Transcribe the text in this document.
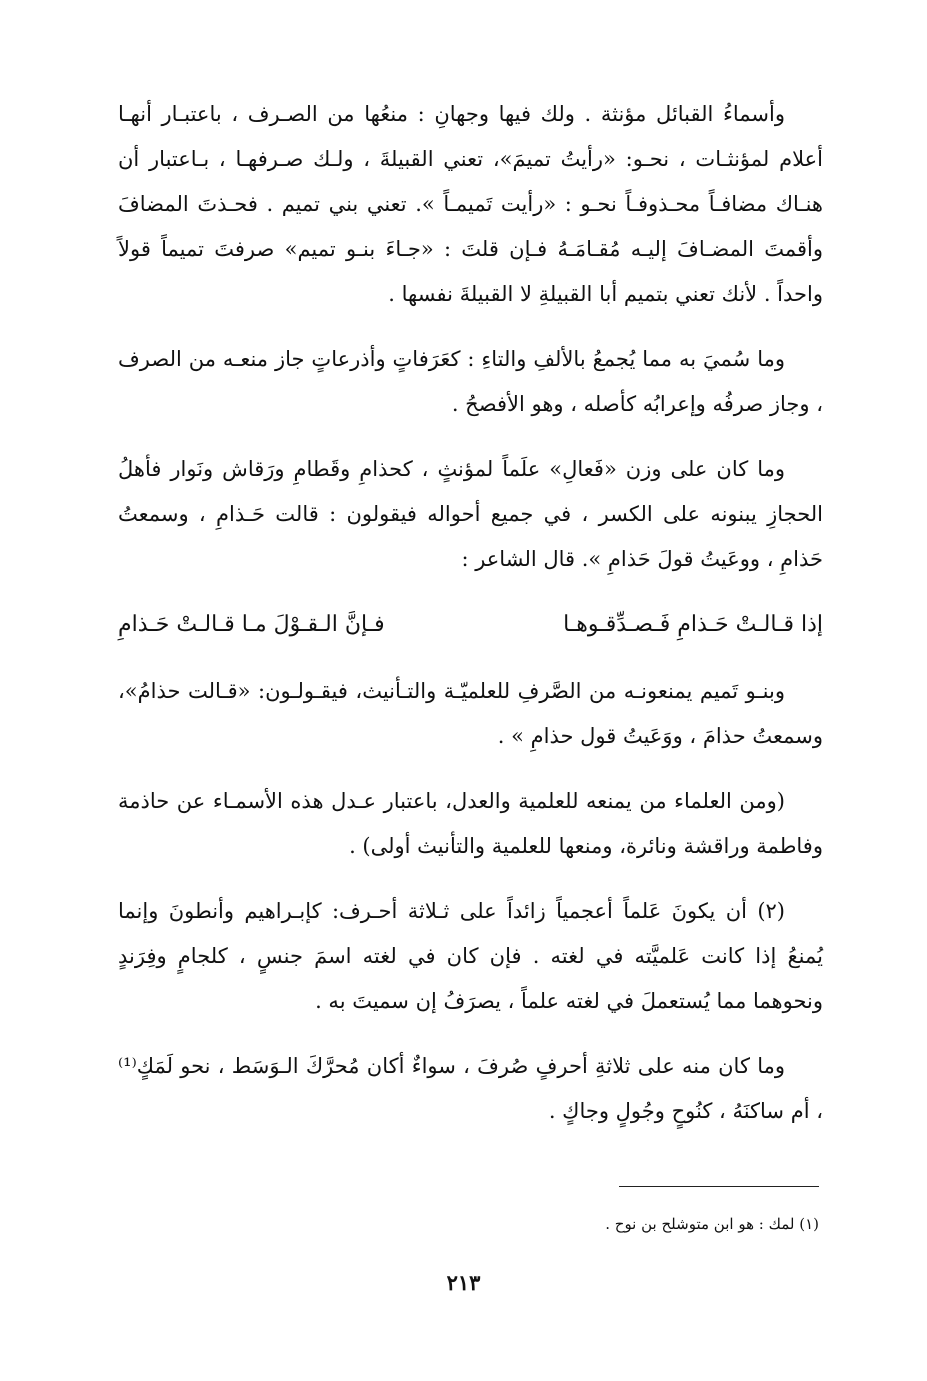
وأسماءُ القبائل مؤنثة . ولك فيها وجهانِ : منعُها من الصـرف ، باعتبـار أنهـا أعلام لمؤنثـات ، نحـو: «رأيتُ تميمَ»، تعني القبيلةَ ، ولـك صـرفهـا ، بـاعتبار أن هنـاك مضافـاً محـذوفـاً نحـو : «رأيت تَميمـاً ». تعني بني تميم . فحـذتَ المضافَ وأقمتَ المضـافَ إليـه مُقـامَـهُ فـإن قلتَ : «جـاءَ بنـو تميم» صرفتَ تميماً قولاً واحداً . لأنك تعني بتميم أبا القبيلةِ لا القبيلةَ نفسها .

وما سُميَ به مما يُجمعُ بالألفِ والتاءِ : كعَرَفاتٍ وأذرعاتٍ جاز منعـه من الصرف ، وجاز صرفُه وإعرابُه كأصله ، وهو الأفصحُ .

وما كان على وزن «فَعالِ» علَماً لمؤنثٍ ، كحذامِ وقَطامِ ورَقاش ونَوار فأهلُ الحجازِ يبنونه على الكسر ، في جميع أحواله فيقولون : قالت حَـذامِ ، وسمعتُ حَذامِ ، ووعَيتُ قولَ حَذامِ ». قال الشاعر :

إذا قـالـتْ حَـذامِ فَـصـدِّقـوهـا
فـإنَّ الـقـوْلَ مـا قـالـتْ حَـذامِ

وبنـو تَميم يمنعونـه من الصَّرفِ للعلميّـة والتـأنيث، فيقـولـون: «قـالت حذامُ»، وسمعتُ حذامَ ، ووَعَيتُ قول حذامِ » .

(ومن العلماء من يمنعه للعلمية والعدل، باعتبار عـدل هذه الأسمـاء عن حاذمة وفاطمة وراقشة ونائرة، ومنعها للعلمية والتأنيث أولى) .

(٢) أن يكونَ عَلماً أعجمياً زائداً على ثـلاثة أحـرف: كإبـراهيم وأنطونَ وإنما يُمنعُ إذا كانت عَلميَّته في لغته . فإن كان في لغته اسمَ جنسٍ ، كلجامٍ وفِرَندٍ ونحوهما مما يُستعملَ في لغته علماً ، يصرَفُ إن سميتَ به .

وما كان منه على ثلاثةِ أحرفٍ صُرفَ ، سواءٌ أكان مُحرَّكَ الـوَسَط ، نحو لَمَكٍ⁽¹⁾ ، أم ساكنَهُ ، كنُوحٍ وجُولٍ وجاكٍ .

(١) لمك : هو ابن متوشلح بن نوح .
٢١٣
